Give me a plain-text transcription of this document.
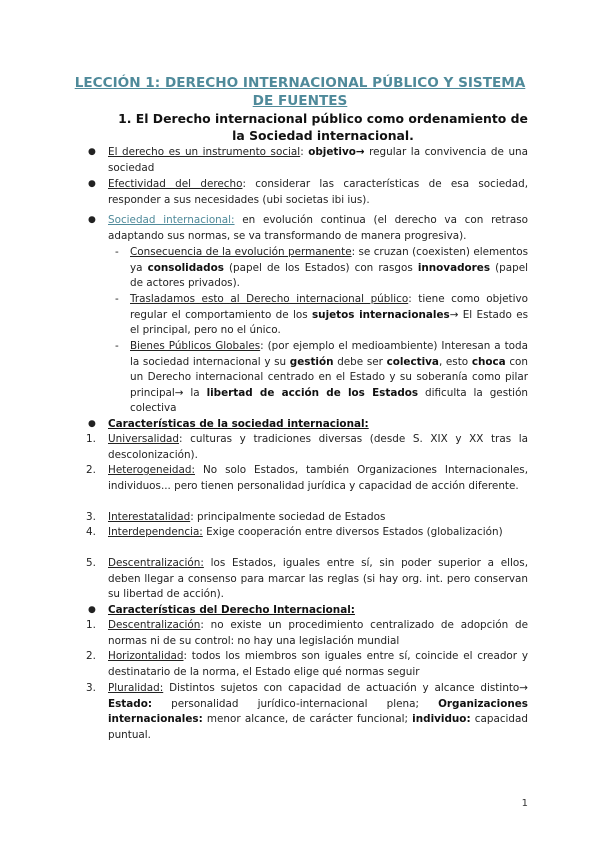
LECCIÓN 1: DERECHO INTERNACIONAL PÚBLICO Y SISTEMA DE FUENTES
1. El Derecho internacional público como ordenamiento de la Sociedad internacional.
● El derecho es un instrumento social: objetivo→ regular la convivencia de una sociedad
● Efectividad del derecho: considerar las características de esa sociedad, responder a sus necesidades (ubi societas ibi ius).
● Sociedad internacional: en evolución continua (el derecho va con retraso adaptando sus normas, se va transformando de manera progresiva).
- Consecuencia de la evolución permanente: se cruzan (coexisten) elementos ya consolidados (papel de los Estados) con rasgos innovadores (papel de actores privados).
- Trasladamos esto al Derecho internacional público: tiene como objetivo regular el comportamiento de los sujetos internacionales→ El Estado es el principal, pero no el único.
- Bienes Públicos Globales: (por ejemplo el medioambiente) Interesan a toda la sociedad internacional y su gestión debe ser colectiva, esto choca con un Derecho internacional centrado en el Estado y su soberanía como pilar principal→ la libertad de acción de los Estados dificulta la gestión colectiva
● Características de la sociedad internacional:
1. Universalidad: culturas y tradiciones diversas (desde S. XIX y XX tras la descolonización).
2. Heterogeneidad: No solo Estados, también Organizaciones Internacionales, individuos... pero tienen personalidad jurídica y capacidad de acción diferente.
3. Interestatalidad: principalmente sociedad de Estados
4. Interdependencia: Exige cooperación entre diversos Estados (globalización)
5. Descentralización: los Estados, iguales entre sí, sin poder superior a ellos, deben llegar a consenso para marcar las reglas (si hay org. int. pero conservan su libertad de acción).
● Características del Derecho Internacional:
1. Descentralización: no existe un procedimiento centralizado de adopción de normas ni de su control: no hay una legislación mundial
2. Horizontalidad: todos los miembros son iguales entre sí, coincide el creador y destinatario de la norma, el Estado elige qué normas seguir
3. Pluralidad: Distintos sujetos con capacidad de actuación y alcance distinto→ Estado: personalidad jurídico-internacional plena; Organizaciones internacionales: menor alcance, de carácter funcional; individuo: capacidad puntual.
1
